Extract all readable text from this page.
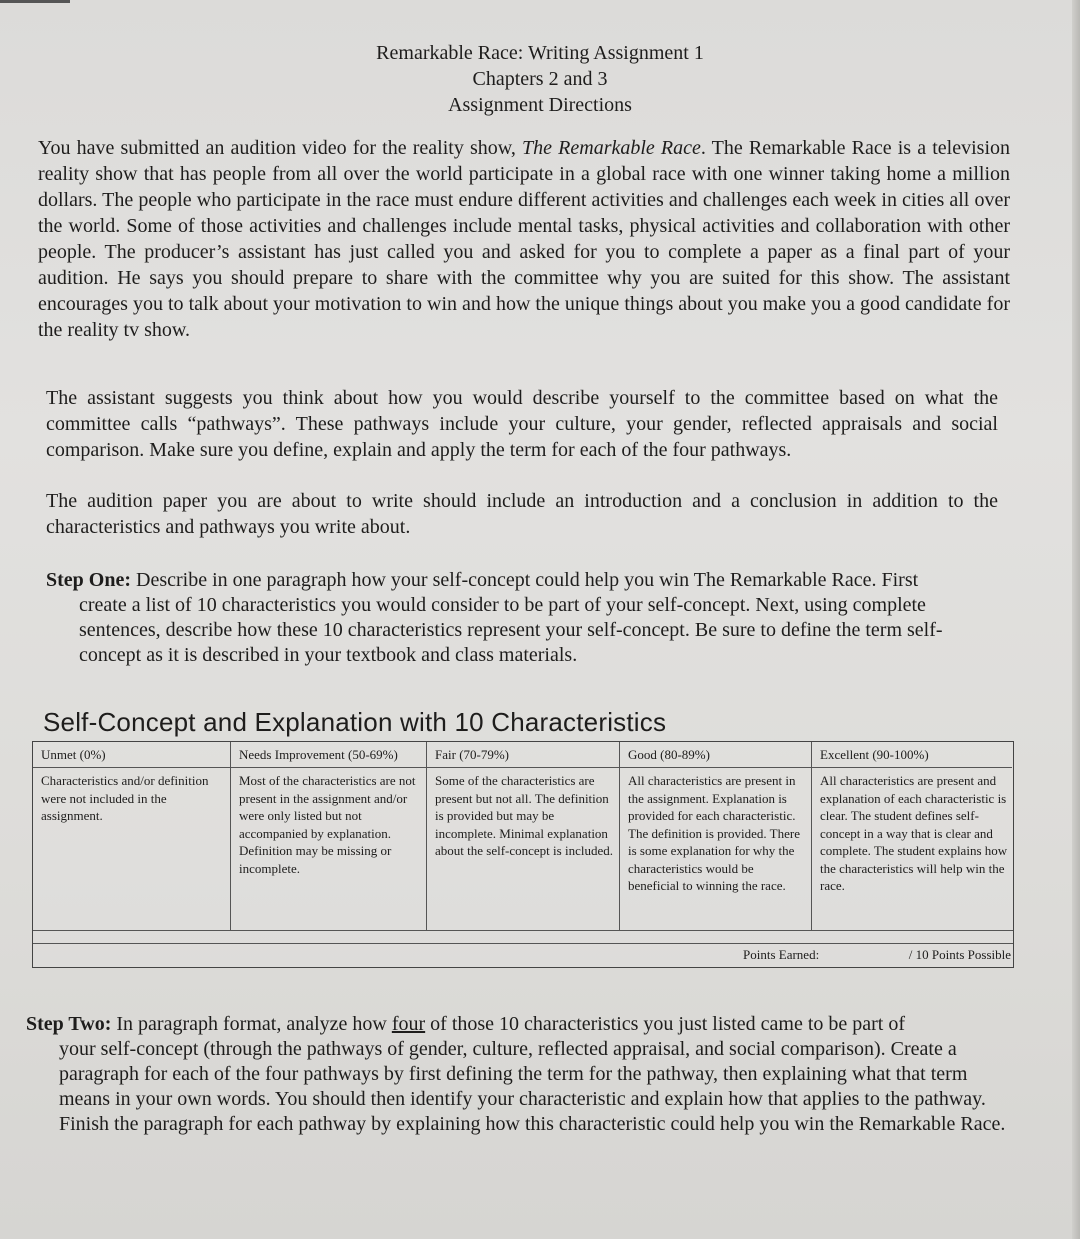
Remarkable Race: Writing Assignment 1
Chapters 2 and 3
Assignment Directions
You have submitted an audition video for the reality show, The Remarkable Race. The Remarkable Race is a television reality show that has people from all over the world participate in a global race with one winner taking home a million dollars. The people who participate in the race must endure different activities and challenges each week in cities all over the world. Some of those activities and challenges include mental tasks, physical activities and collaboration with other people. The producer’s assistant has just called you and asked for you to complete a paper as a final part of your audition. He says you should prepare to share with the committee why you are suited for this show. The assistant encourages you to talk about your motivation to win and how the unique things about you make you a good candidate for the reality tv show.
The assistant suggests you think about how you would describe yourself to the committee based on what the committee calls “pathways”. These pathways include your culture, your gender, reflected appraisals and social comparison. Make sure you define, explain and apply the term for each of the four pathways.
The audition paper you are about to write should include an introduction and a conclusion in addition to the characteristics and pathways you write about.
Step One: Describe in one paragraph how your self-concept could help you win The Remarkable Race. First
create a list of 10 characteristics you would consider to be part of your self-concept. Next, using complete sentences, describe how these 10 characteristics represent your self-concept. Be sure to define the term self-concept as it is described in your textbook and class materials.
Self-Concept and Explanation with 10 Characteristics
Unmet (0%)
Characteristics and/or definition were not included in the assignment.
Needs Improvement (50-69%)
Most of the characteristics are not present in the assignment and/or were only listed but not accompanied by explanation. Definition may be missing or incomplete.
Fair (70-79%)
Some of the characteristics are present but not all. The definition is provided but may be incomplete. Minimal explanation about the self-concept is included.
Good (80-89%)
All characteristics are present in the assignment. Explanation is provided for each characteristic. The definition is provided. There is some explanation for why the characteristics would be beneficial to winning the race.
Excellent (90-100%)
All characteristics are present and explanation of each characteristic is clear. The student defines self-concept in a way that is clear and complete. The student explains how the characteristics will help win the race.
Points Earned:	/ 10 Points Possible
Step Two: In paragraph format, analyze how four of those 10 characteristics you just listed came to be part of
your self-concept (through the pathways of gender, culture, reflected appraisal, and social comparison). Create a paragraph for each of the four pathways by first defining the term for the pathway, then explaining what that term means in your own words. You should then identify your characteristic and explain how that applies to the pathway. Finish the paragraph for each pathway by explaining how this characteristic could help you win the Remarkable Race.
